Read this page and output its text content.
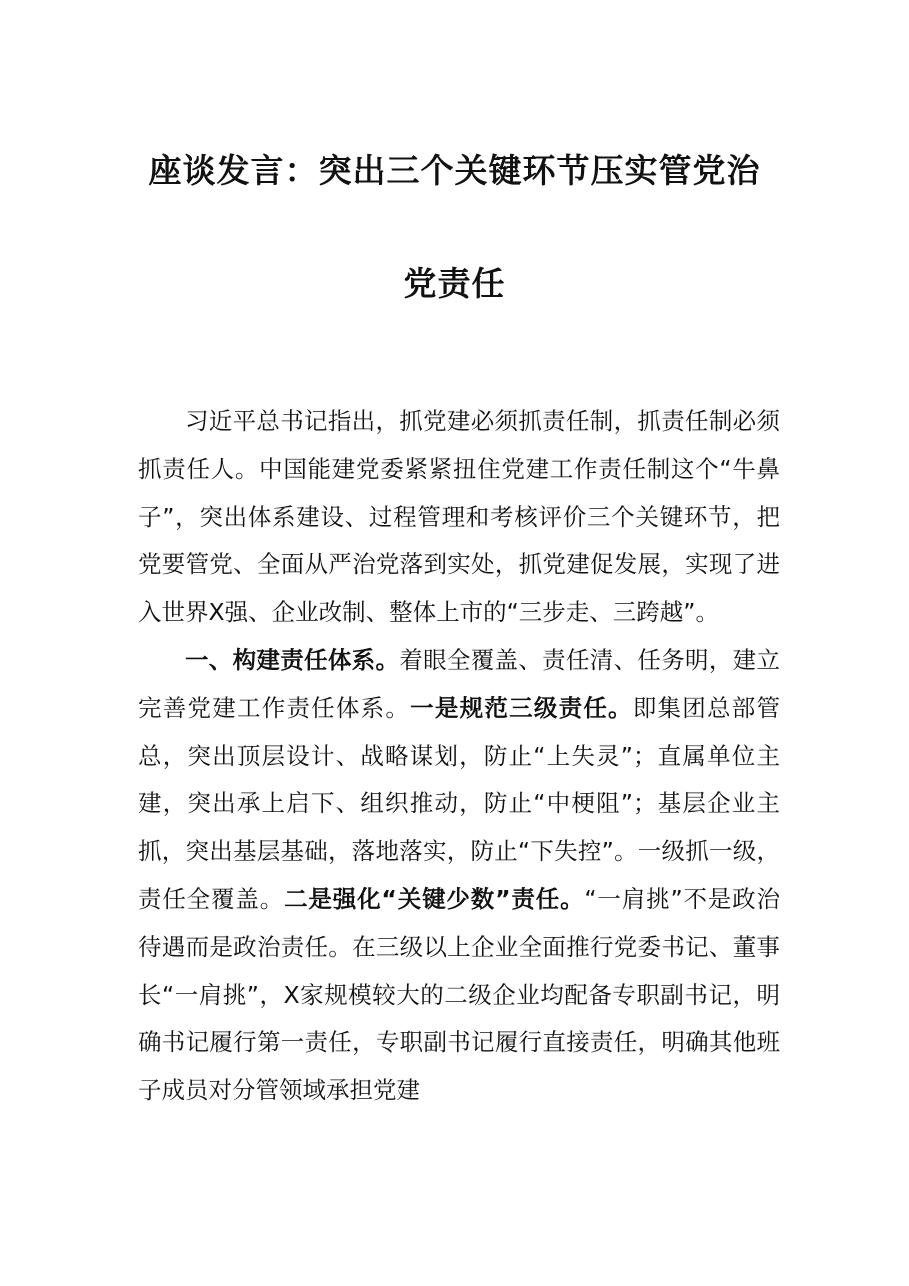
座谈发言：突出三个关键环节压实管党治
党责任

习近平总书记指出，抓党建必须抓责任制，抓责任制必须抓责任人。中国能建党委紧紧扭住党建工作责任制这个“牛鼻子”，突出体系建设、过程管理和考核评价三个关键环节，把党要管党、全面从严治党落到实处，抓党建促发展，实现了进入世界X强、企业改制、整体上市的“三步走、三跨越”。

一、构建责任体系。着眼全覆盖、责任清、任务明，建立完善党建工作责任体系。一是规范三级责任。即集团总部管总，突出顶层设计、战略谋划，防止“上失灵”；直属单位主建，突出承上启下、组织推动，防止“中梗阻”；基层企业主抓，突出基层基础，落地落实，防止“下失控”。一级抓一级，责任全覆盖。二是强化“关键少数”责任。“一肩挑”不是政治待遇而是政治责任。在三级以上企业全面推行党委书记、董事长“一肩挑”，X家规模较大的二级企业均配备专职副书记，明确书记履行第一责任，专职副书记履行直接责任，明确其他班子成员对分管领域承担党建
